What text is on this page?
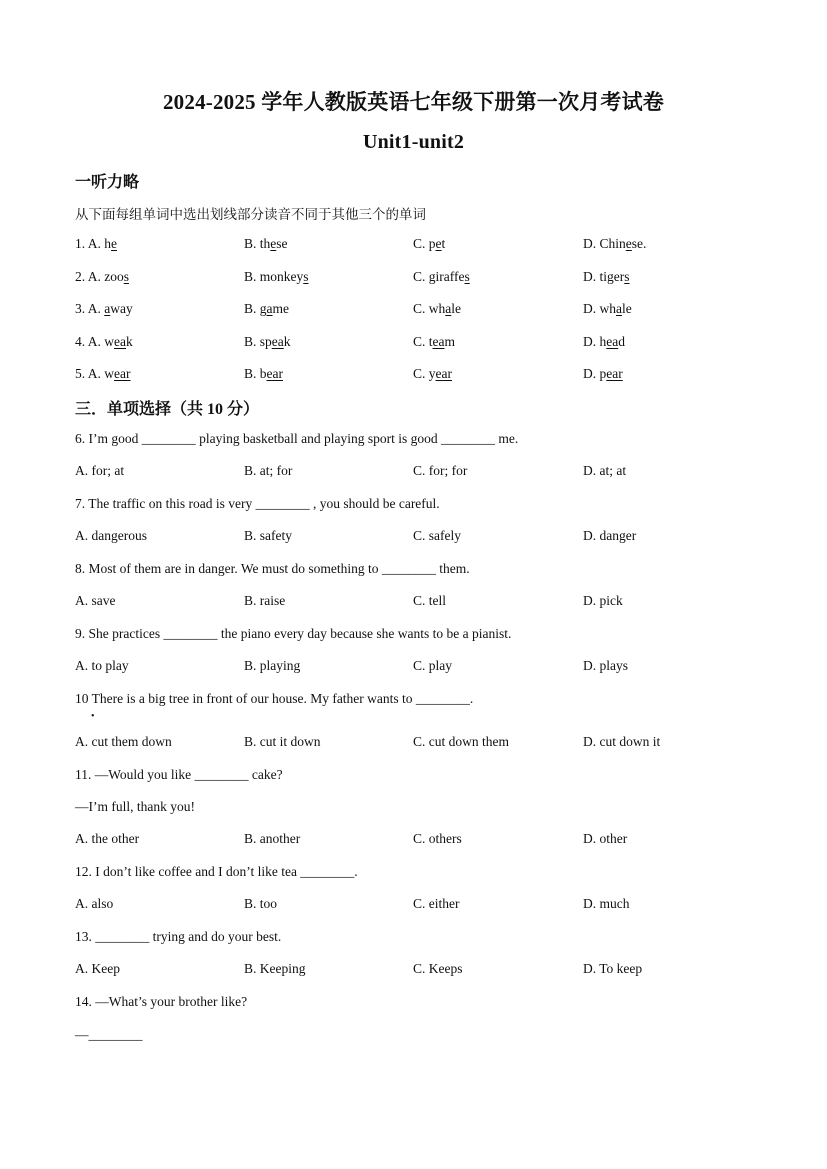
2024-2025 学年人教版英语七年级下册第一次月考试卷
Unit1-unit2
一听力略
从下面每组单词中选出划线部分读音不同于其他三个的单词
1. A. he	B. these	C. pet	D. Chinese.
2. A. zoos	B. monkeys	C. giraffes	D. tigers
3. A. away	B. game	C. whale	D. whale
4. A. weak	B. speak	C. team	D. head
5. A. wear	B. bear	C. year	D. pear
三．单项选择（共 10 分）
6. I’m good ________ playing basketball and playing sport is good ________ me.
A. for; at	B. at; for	C. for; for	D. at; at
7. The traffic on this road is very ________ , you should be careful.
A. dangerous	B. safety	C. safely	D. danger
8. Most of them are in danger. We must do something to ________ them.
A. save	B. raise	C. tell	D. pick
9. She practices ________ the piano every day because she wants to be a pianist.
A. to play	B. playing	C. play	D. plays
10 There is a big tree in front of our house. My father wants to ________.
•
A. cut them down	B. cut it down	C. cut down them	D. cut down it
11. —Would you like ________ cake?
—I’m full, thank you!
A. the other	B. another	C. others	D. other
12. I don’t like coffee and I don’t like tea ________.
A. also	B. too	C. either	D. much
13. ________ trying and do your best.
A. Keep	B. Keeping	C. Keeps	D. To keep
14. —What’s your brother like?
—________
